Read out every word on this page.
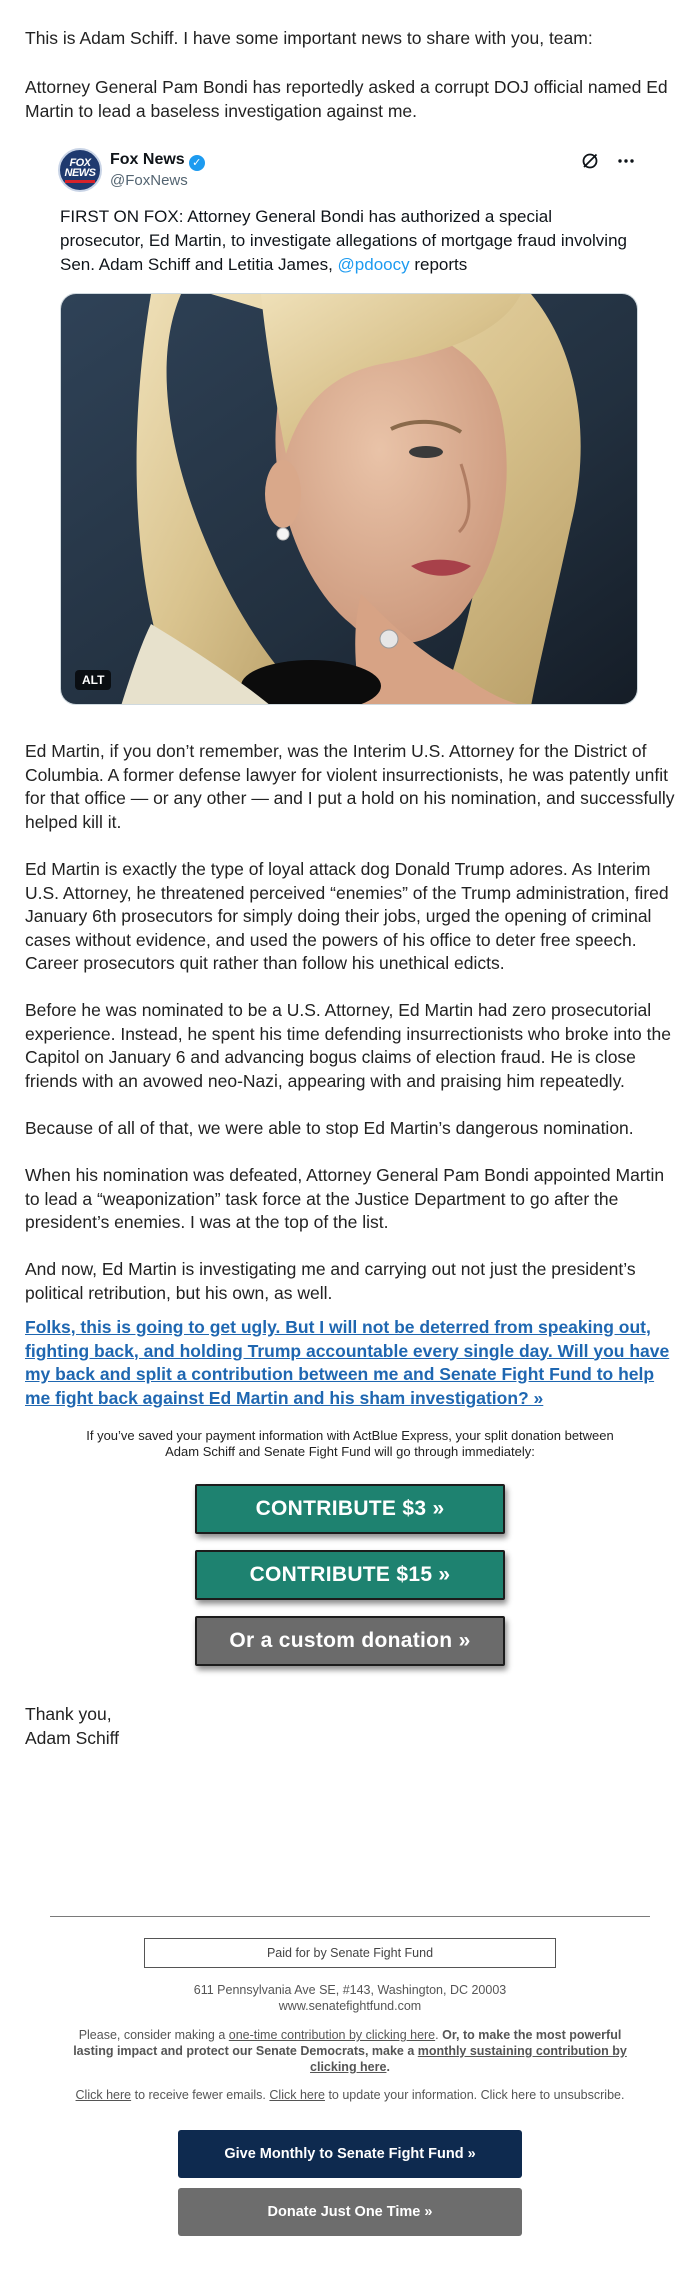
This is Adam Schiff. I have some important news to share with you, team:

Attorney General Pam Bondi has reportedly asked a corrupt DOJ official named Ed Martin to lead a baseless investigation against me.

FOX
NEWS
Fox News ✓
@FoxNews

FIRST ON FOX: Attorney General Bondi has authorized a special prosecutor, Ed Martin, to investigate allegations of mortgage fraud involving Sen. Adam Schiff and Letitia James, @pdoocy reports

ALT

Ed Martin, if you don’t remember, was the Interim U.S. Attorney for the District of Columbia. A former defense lawyer for violent insurrectionists, he was patently unfit for that office — or any other — and I put a hold on his nomination, and successfully helped kill it.

Ed Martin is exactly the type of loyal attack dog Donald Trump adores. As Interim U.S. Attorney, he threatened perceived “enemies” of the Trump administration, fired January 6th prosecutors for simply doing their jobs, urged the opening of criminal cases without evidence, and used the powers of his office to deter free speech. Career prosecutors quit rather than follow his unethical edicts.

Before he was nominated to be a U.S. Attorney, Ed Martin had zero prosecutorial experience. Instead, he spent his time defending insurrectionists who broke into the Capitol on January 6 and advancing bogus claims of election fraud. He is close friends with an avowed neo-Nazi, appearing with and praising him repeatedly.

Because of all of that, we were able to stop Ed Martin’s dangerous nomination.

When his nomination was defeated, Attorney General Pam Bondi appointed Martin to lead a “weaponization” task force at the Justice Department to go after the president’s enemies. I was at the top of the list.

And now, Ed Martin is investigating me and carrying out not just the president’s political retribution, but his own, as well.

Folks, this is going to get ugly. But I will not be deterred from speaking out, fighting back, and holding Trump accountable every single day. Will you have my back and split a contribution between me and Senate Fight Fund to help me fight back against Ed Martin and his sham investigation? »

If you’ve saved your payment information with ActBlue Express, your split donation between Adam Schiff and Senate Fight Fund will go through immediately:

CONTRIBUTE $3 »
CONTRIBUTE $15 »
Or a custom donation »
Thank you,
Adam Schiff
Paid for by Senate Fight Fund

611 Pennsylvania Ave SE, #143, Washington, DC 20003

www.senatefightfund.com

Please, consider making a one-time contribution by clicking here. Or, to make the most powerful lasting impact and protect our Senate Democrats, make a monthly sustaining contribution by clicking here.

Click here to receive fewer emails. Click here to update your information. Click here to unsubscribe.

Give Monthly to Senate Fight Fund »
Donate Just One Time »
